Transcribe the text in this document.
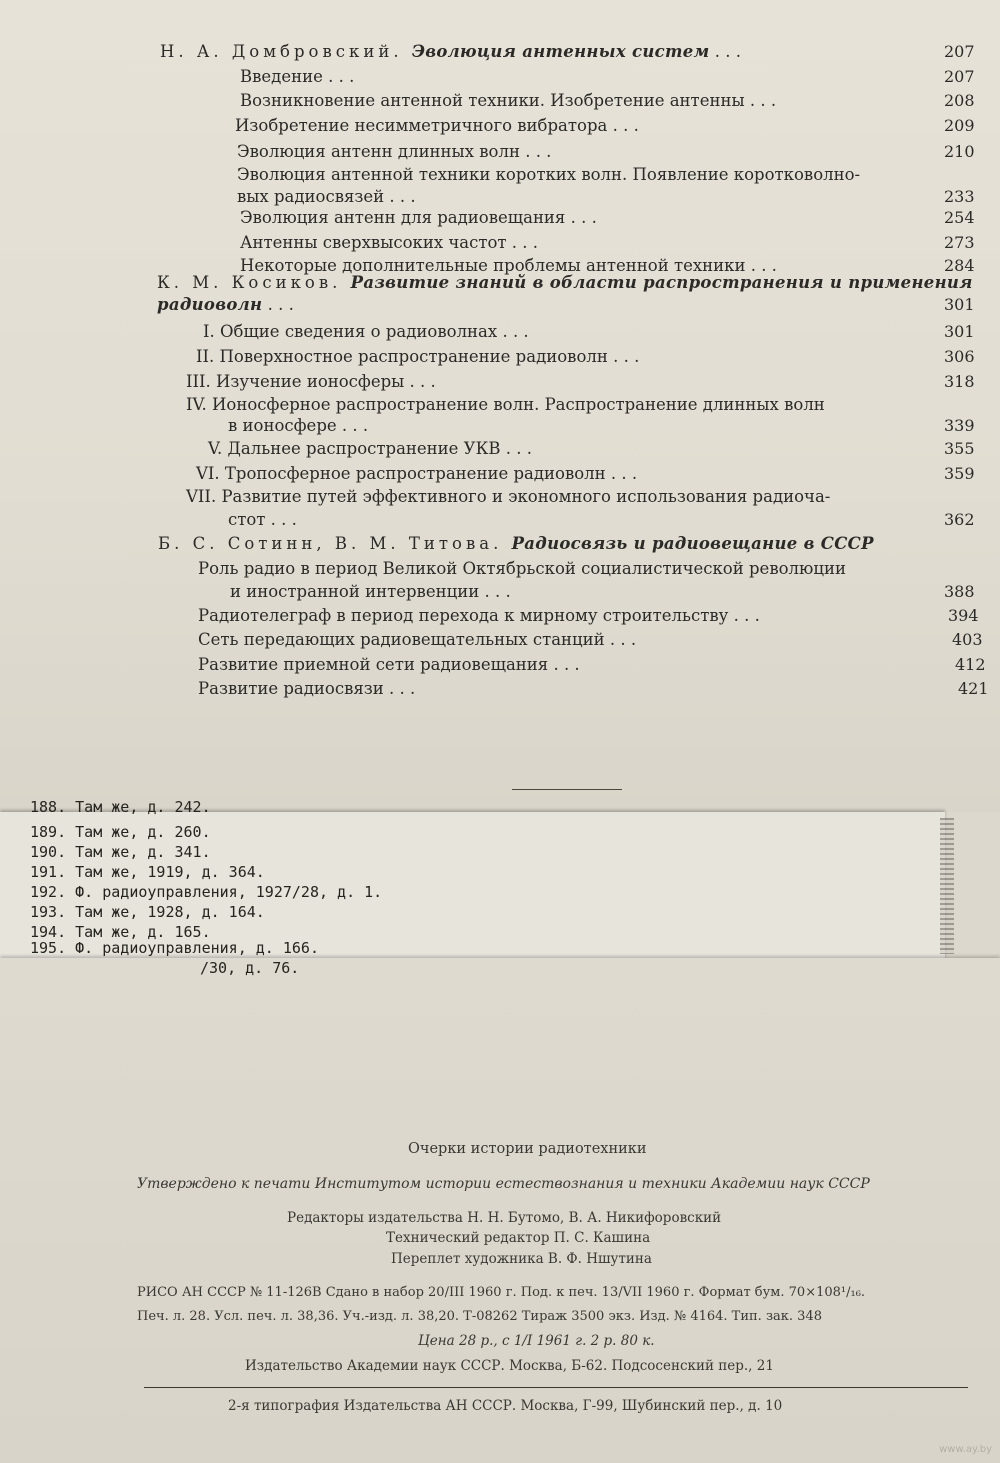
Н. А. Домбровский. Эволюция антенных систем . . .	207
Введение . . .	207
Возникновение антенной техники. Изобретение антенны . . .	208
Изобретение несимметричного вибратора . . .	209
Эволюция антенн длинных волн . . .	210
Эволюция антенной техники коротких волн. Появление коротковолно-
вых радиосвязей . . .	233
Эволюция антенн для радиовещания . . .	254
Антенны сверхвысоких частот . . .	273
Некоторые дополнительные проблемы антенной техники . . .	284
К. М. Косиков. Развитие знаний в области распространения и применения
радиоволн . . .	301
I. Общие сведения о радиоволнах . . .	301
II. Поверхностное распространение радиоволн . . .	306
III. Изучение ионосферы . . .	318
IV. Ионосферное распространение волн. Распространение длинных волн
в ионосфере . . .	339
V. Дальнее распространение УКВ . . .	355
VI. Тропосферное распространение радиоволн . . .	359
VII. Развитие путей эффективного и экономного использования радиоча-
стот . . .	362
Б. С. Сотинн, В. М. Титова. Радиосвязь и радиовещание в СССР
Роль радио в период Великой Октябрьской социалистической революции
и иностранной интервенции . . .	388
Радиотелеграф в период перехода к мирному строительству . . .	394
Сеть передающих радиовещательных станций . . .	403
Развитие приемной сети радиовещания . . .	412
Развитие радиосвязи . . .	421
188. Там же, д. 242.
189. Там же, д. 260.
190. Там же, д. 341.
191. Там же, 1919, д. 364.
192. Ф. радиоуправления, 1927/28, д. 1.
193. Там же, 1928, д. 164.
194. Там же, д. 165.
195. Ф. радиоуправления, д. 166.
/30, д. 76.
Очерки истории радиотехники
Утверждено к печати Институтом истории естествознания и техники Академии наук СССР
Редакторы издательства Н. Н. Бутомо, В. А. Никифоровский
Технический редактор П. С. Кашина
Переплет художника В. Ф. Ншутина
РИСО АН СССР № 11-126В Сдано в набор 20/III 1960 г. Под. к печ. 13/VII 1960 г. Формат бум. 70×108¹/₁₆.
Печ. л. 28. Усл. печ. л. 38,36. Уч.-изд. л. 38,20. Т-08262 Тираж 3500 экз. Изд. № 4164. Тип. зак. 348
Цена 28 р., с 1/I 1961 г. 2 р. 80 к.
Издательство Академии наук СССР. Москва, Б-62. Подсосенский пер., 21
2-я типография Издательства АН СССР. Москва, Г-99, Шубинский пер., д. 10
www.ay.by
